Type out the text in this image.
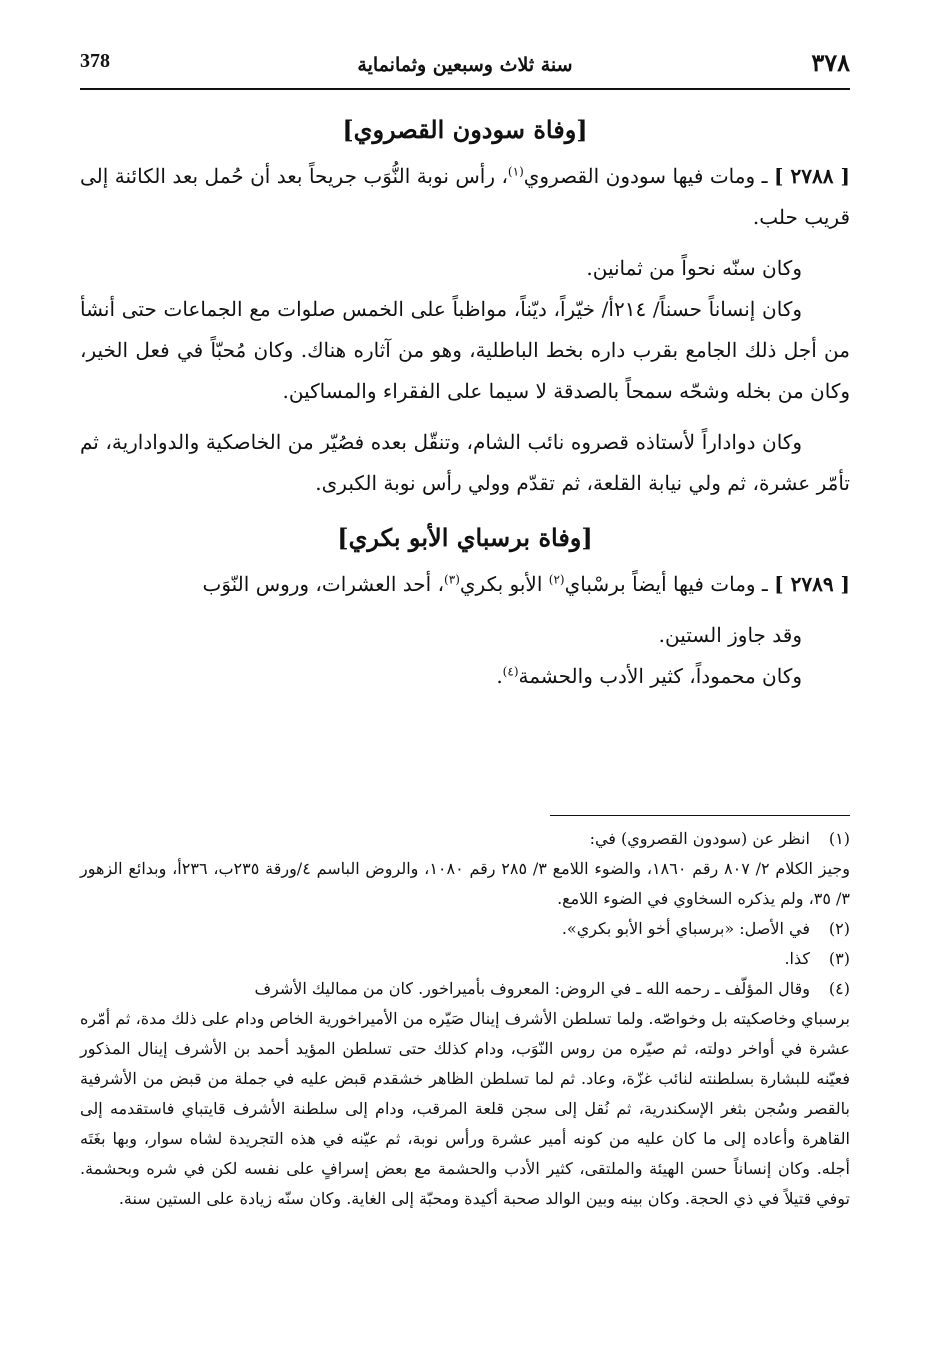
378	سنة ثلاث وسبعين وثمانماية	٣٧٨
[وفاة سودون القصروي]

[ ٢٧٨٨ ] ـ ومات فيها سودون القصروي$^{(١)}$، رأس نوبة النُّوَب جريحاً بعد أن حُمل بعد الكائنة إلى قريب حلب.

وكان سنّه نحواً من ثمانين.

وكان إنساناً حسناً/ ٢١٤أ/ خيّراً، ديّناً، مواظباً على الخمس صلوات مع الجماعات حتى أنشأ من أجل ذلك الجامع بقرب داره بخط الباطلية، وهو من آثاره هناك. وكان مُحبّاً في فعل الخير، وكان من بخله وشحّه سمحاً بالصدقة لا سيما على الفقراء والمساكين.

وكان دواداراً لأستاذه قصروه نائب الشام، وتنقّل بعده فصُيّر من الخاصكية والدوادارية، ثم تأمّر عشرة، ثم ولي نيابة القلعة، ثم تقدّم وولي رأس نوبة الكبرى.

[وفاة برسباي الأبو بكري]

[ ٢٧٨٩ ] ـ ومات فيها أيضاً برسْباي$^{(٢)}$ الأبو بكري$^{(٣)}$، أحد العشرات، وروس النّوَب

وقد جاوز الستين.

وكان محموداً، كثير الأدب والحشمة$^{(٤)}$.

(١)
انظر عن (سودون القصروي) في:
وجيز الكلام ٢/ ٨٠٧ رقم ١٨٦٠، والضوء اللامع ٣/ ٢٨٥ رقم ١٠٨٠، والروض الباسم ٤/ورقة ٢٣٥ب، ٢٣٦أ، وبدائع الزهور ٣/ ٣٥، ولم يذكره السخاوي في الضوء اللامع.
(٢)
في الأصل: «برسباي أخو الأبو بكري».
(٣)
كذا.
(٤)
وقال المؤلّف ـ رحمه الله ـ في الروض: المعروف بأميراخور. كان من مماليك الأشرف
برسباي وخاصكيته بل وخواصّه. ولما تسلطن الأشرف إينال صَيّره من الأميراخورية الخاص ودام على ذلك مدة، ثم أمّره عشرة في أواخر دولته، ثم صيّره من روس النّوَب، ودام كذلك حتى تسلطن المؤيد أحمد بن الأشرف إينال المذكور فعيّنه للبشارة بسلطنته لنائب غزّة، وعاد. ثم لما تسلطن الظاهر خشقدم قبض عليه في جملة من قبض من الأشرفية بالقصر وسُجن بثغر الإسكندرية، ثم نُقل إلى سجن قلعة المرقب، ودام إلى سلطنة الأشرف قايتباي فاستقدمه إلى القاهرة وأعاده إلى ما كان عليه من كونه أمير عشرة ورأس نوبة، ثم عيّنه في هذه التجريدة لشاه سوار، وبها بغَتَه أجله. وكان إنساناً حسن الهيئة والملتقى، كثير الأدب والحشمة مع بعض إسرافٍ على نفسه لكن في شره وبحشمة. توفي قتيلاً في ذي الحجة. وكان بينه وبين الوالد صحبة أكيدة ومحبّة إلى الغاية. وكان سنّه زيادة على الستين سنة.
